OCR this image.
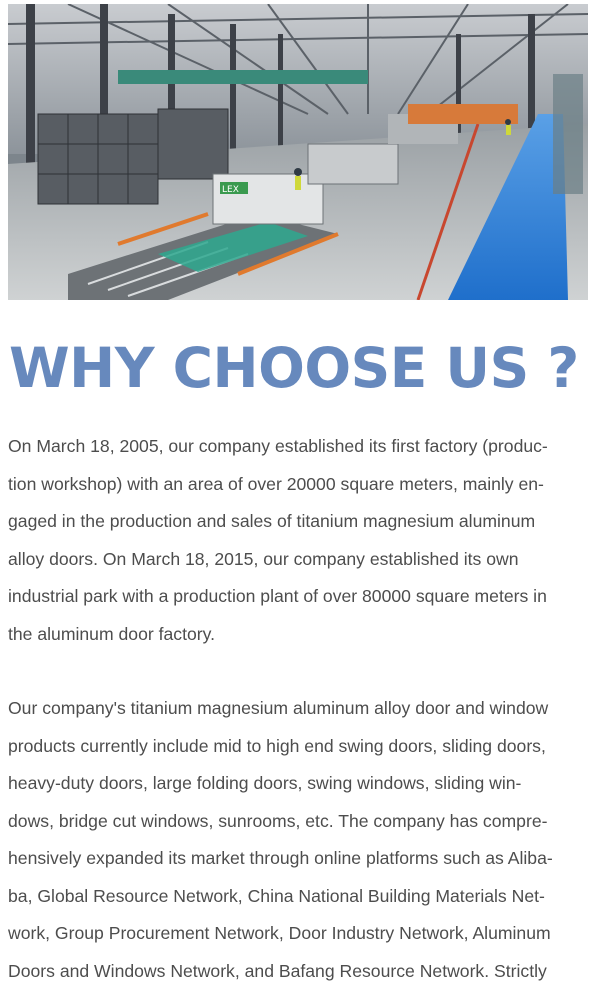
LEX
WHY CHOOSE US ?

On March 18, 2005, our company established its first factory (produc-
tion workshop) with an area of over 20000 square meters, mainly en-
gaged in the production and sales of titanium magnesium aluminum
alloy doors. On March 18, 2015, our company established its own
industrial park with a production plant of over 80000 square meters in
the aluminum door factory.

Our company's titanium magnesium aluminum alloy door and window
products currently include mid to high end swing doors, sliding doors,
heavy-duty doors, large folding doors, swing windows, sliding win-
dows, bridge cut windows, sunrooms, etc. The company has compre-
hensively expanded its market through online platforms such as Aliba-
ba, Global Resource Network, China National Building Materials Net-
work, Group Procurement Network, Door Industry Network, Aluminum
Doors and Windows Network, and Bafang Resource Network. Strictly
